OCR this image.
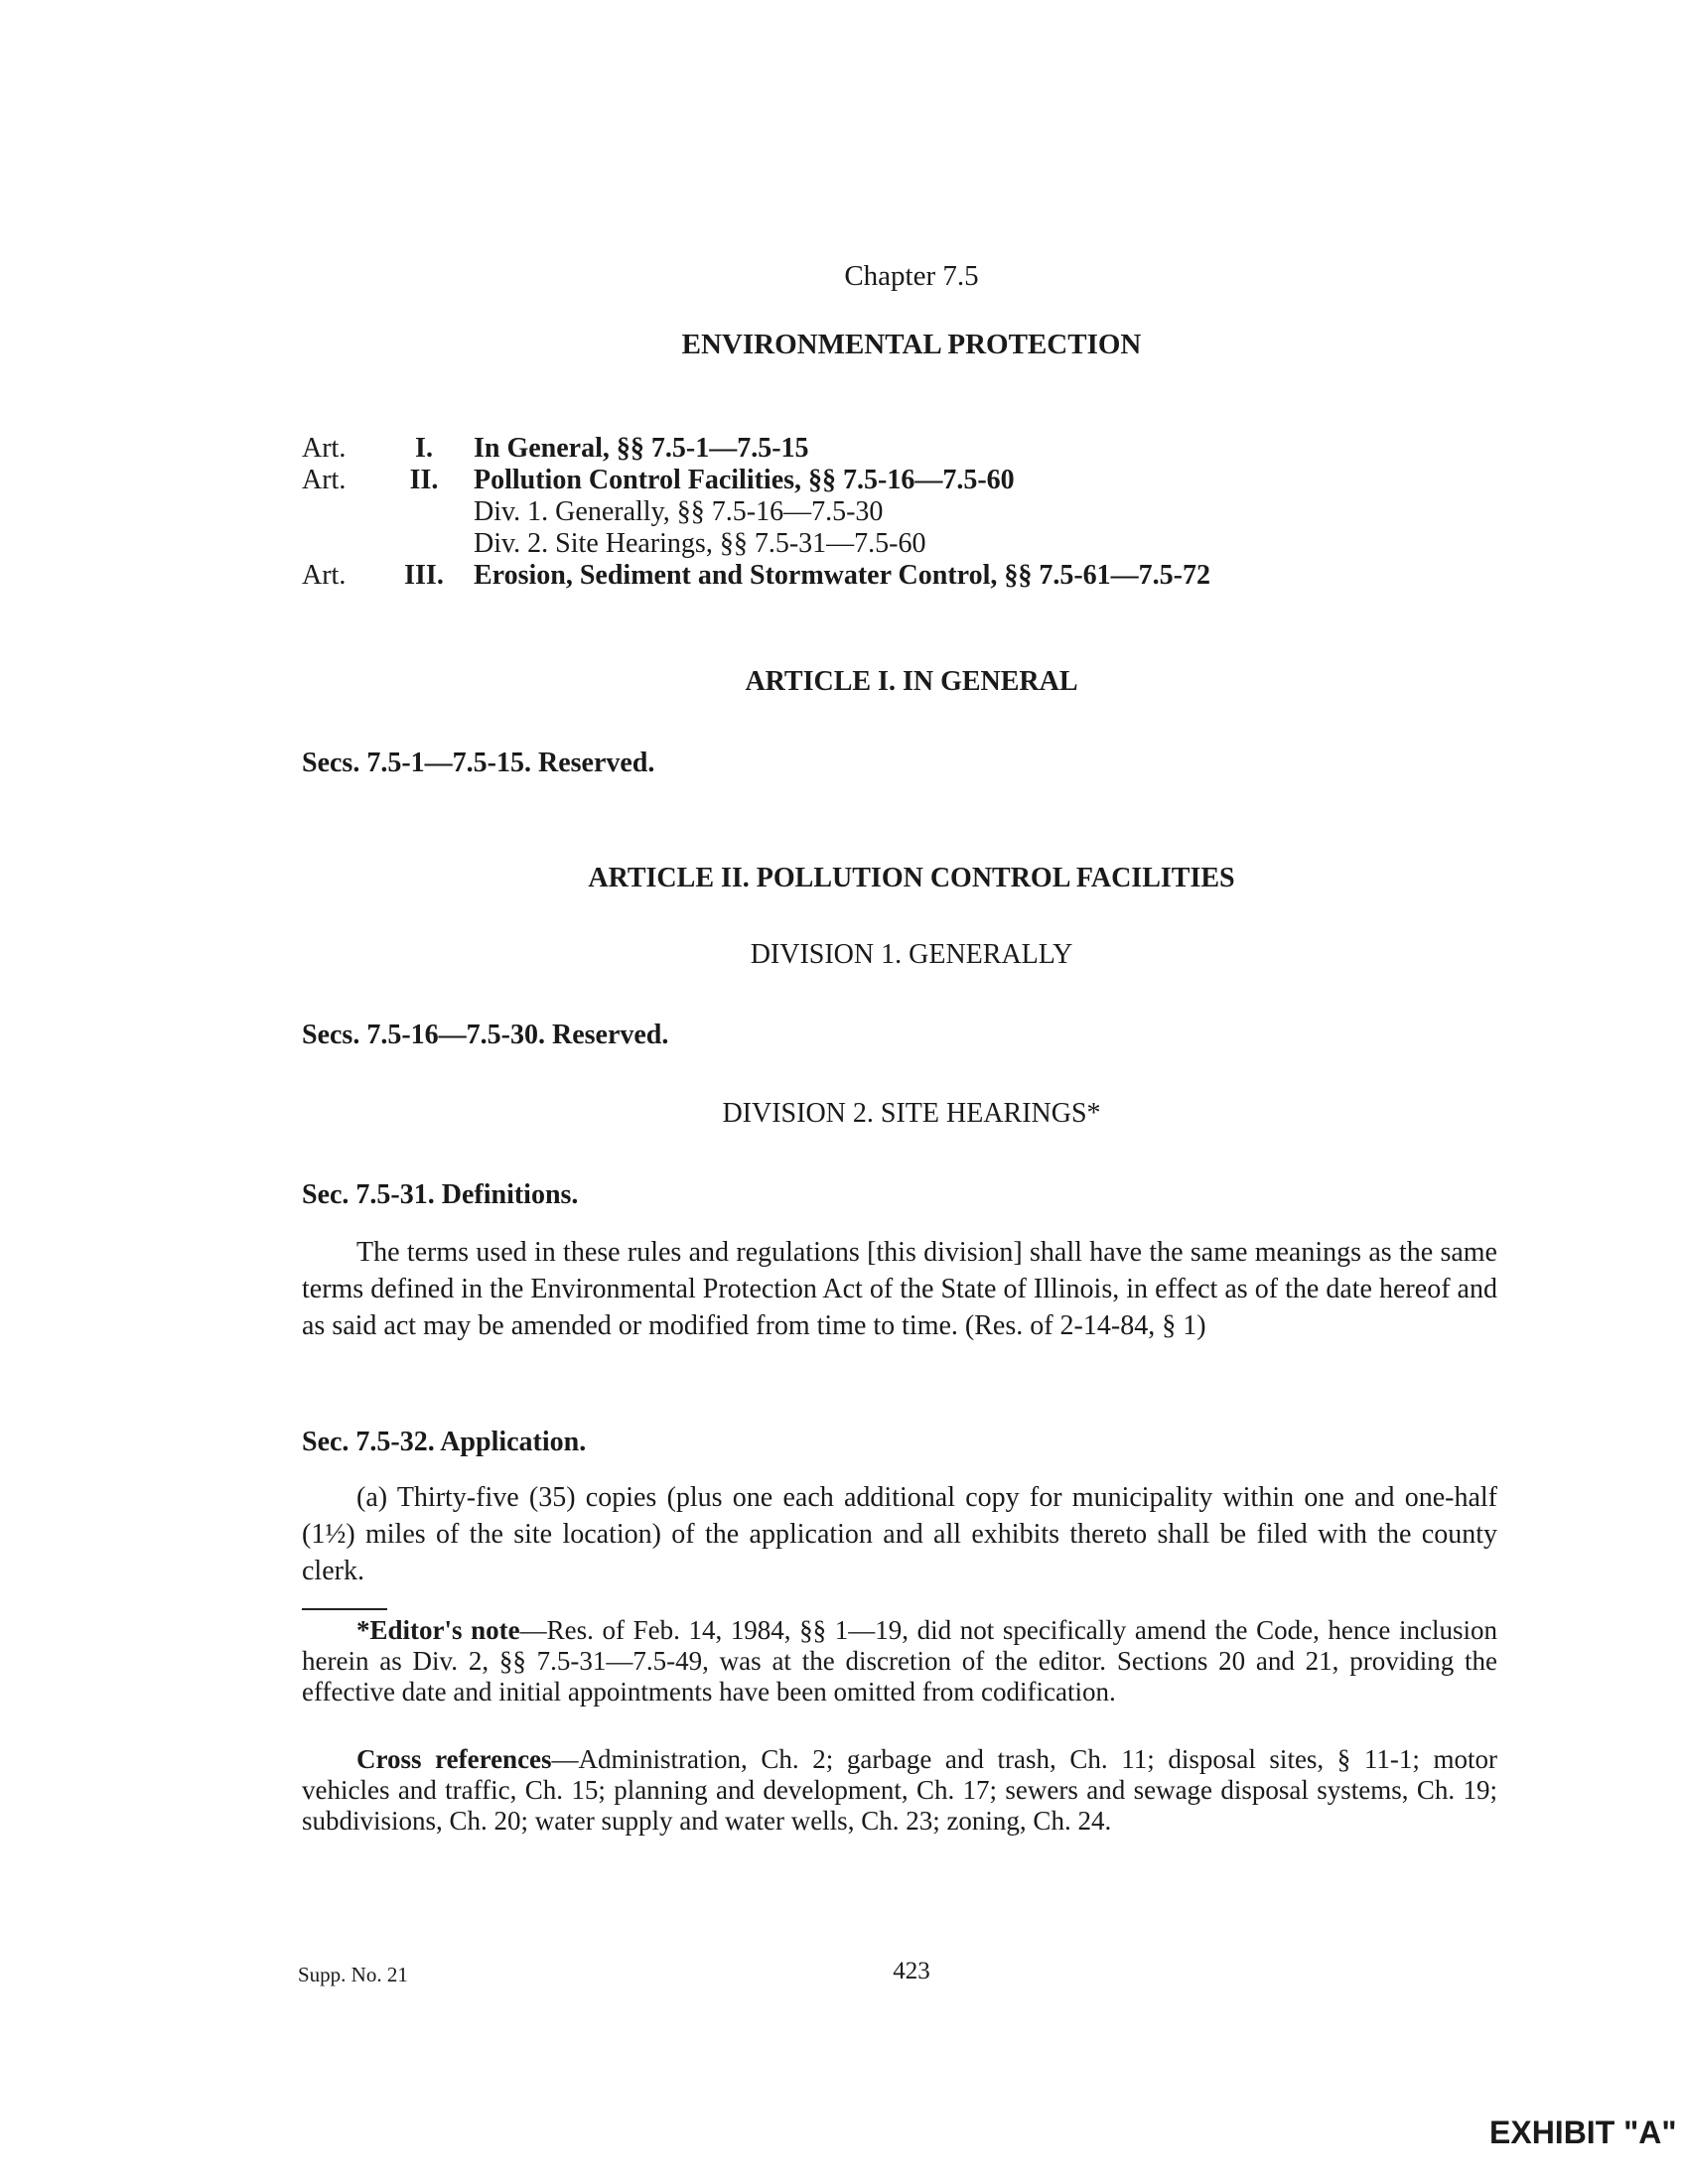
Chapter 7.5
ENVIRONMENTAL PROTECTION
Art.	I.	In General, §§ 7.5-1—7.5-15
Art.	II.	Pollution Control Facilities, §§ 7.5-16—7.5-60
Div. 1. Generally, §§ 7.5-16—7.5-30
Div. 2. Site Hearings, §§ 7.5-31—7.5-60
Art.	III.	Erosion, Sediment and Stormwater Control, §§ 7.5-61—7.5-72
ARTICLE I. IN GENERAL
Secs. 7.5-1—7.5-15. Reserved.
ARTICLE II. POLLUTION CONTROL FACILITIES
DIVISION 1. GENERALLY
Secs. 7.5-16—7.5-30. Reserved.
DIVISION 2. SITE HEARINGS*
Sec. 7.5-31. Definitions.
The terms used in these rules and regulations [this division] shall have the same meanings as the same terms defined in the Environmental Protection Act of the State of Illinois, in effect as of the date hereof and as said act may be amended or modified from time to time. (Res. of 2-14-84, § 1)
Sec. 7.5-32. Application.
(a) Thirty-five (35) copies (plus one each additional copy for municipality within one and one-half (1½) miles of the site location) of the application and all exhibits thereto shall be filed with the county clerk.
*Editor's note—Res. of Feb. 14, 1984, §§ 1—19, did not specifically amend the Code, hence inclusion herein as Div. 2, §§ 7.5-31—7.5-49, was at the discretion of the editor. Sections 20 and 21, providing the effective date and initial appointments have been omitted from codification.
Cross references—Administration, Ch. 2; garbage and trash, Ch. 11; disposal sites, § 11-1; motor vehicles and traffic, Ch. 15; planning and development, Ch. 17; sewers and sewage disposal systems, Ch. 19; subdivisions, Ch. 20; water supply and water wells, Ch. 23; zoning, Ch. 24.
Supp. No. 21	423
EXHIBIT "A"
